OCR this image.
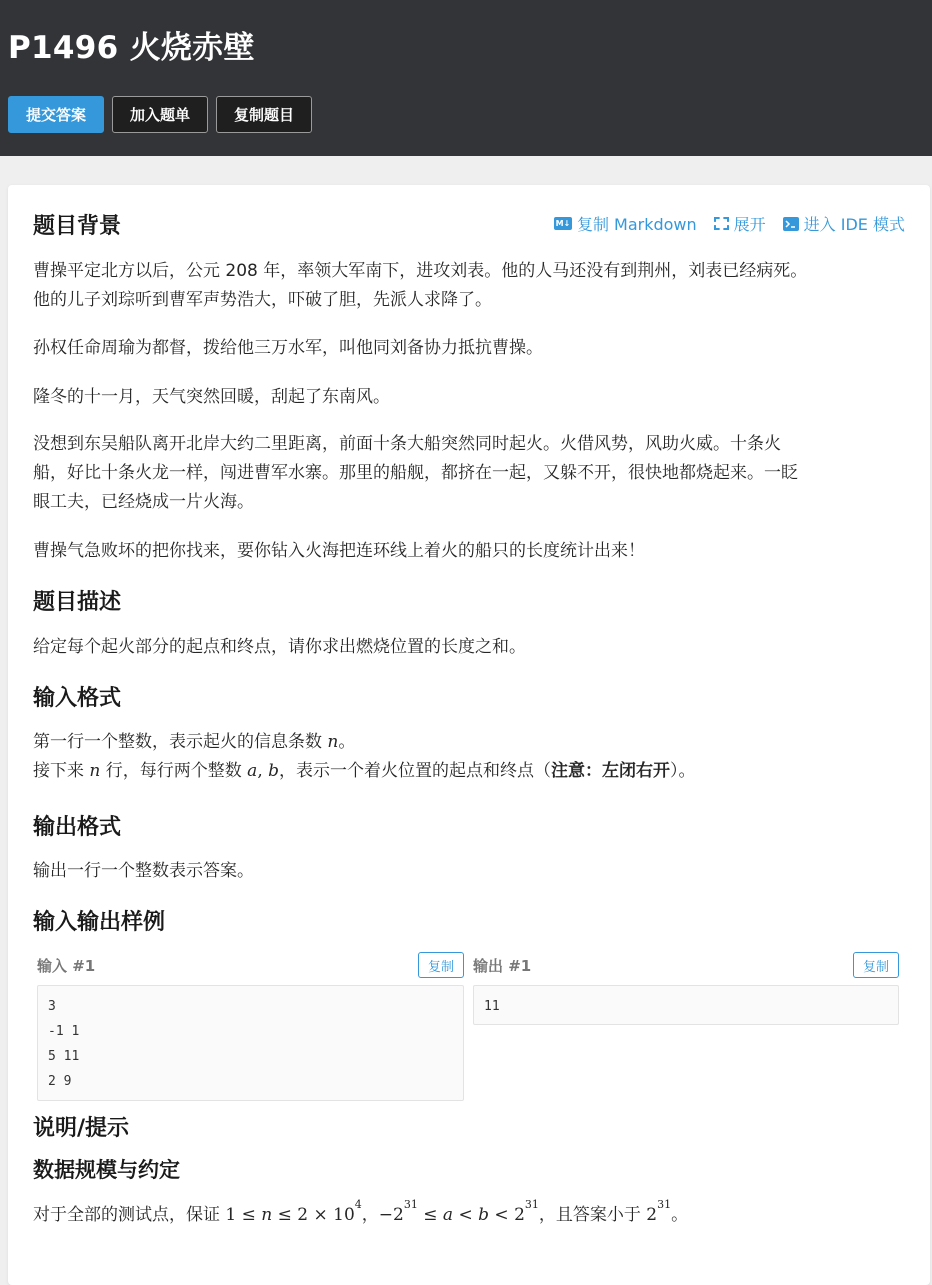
P1496 火烧赤壁
提交答案	加入题单	复制题目
题目背景	M↓ 复制 Markdown 展开 进入 IDE 模式
曹操平定北方以后，公元 208 年，率领大军南下，进攻刘表。他的人马还没有到荆州，刘表已经病死。
他的儿子刘琮听到曹军声势浩大，吓破了胆，先派人求降了。

孙权任命周瑜为都督，拨给他三万水军，叫他同刘备协力抵抗曹操。

隆冬的十一月，天气突然回暖，刮起了东南风。

没想到东吴船队离开北岸大约二里距离，前面十条大船突然同时起火。火借风势，风助火威。十条火
船，好比十条火龙一样，闯进曹军水寨。那里的船舰，都挤在一起，又躲不开，很快地都烧起来。一眨
眼工夫，已经烧成一片火海。

曹操气急败坏的把你找来，要你钻入火海把连环线上着火的船只的长度统计出来！

题目描述

给定每个起火部分的起点和终点，请你求出燃烧位置的长度之和。

输入格式
第一行一个整数，表示起火的信息条数 n。
接下来 n 行，每行两个整数 a, b，表示一个着火位置的起点和终点（注意：左闭右开）。
输出格式

输出一行一个整数表示答案。

输入输出样例
输入 #1	复制
3
-1 1
5 11
2 9
输出 #1	复制
11
说明/提示
数据规模与约定
对于全部的测试点，保证 $1 \le n \le 2 \times 10^4$，$-2^{31} \le a < b < 2^{31}$，且答案小于 $2^{31}$。
